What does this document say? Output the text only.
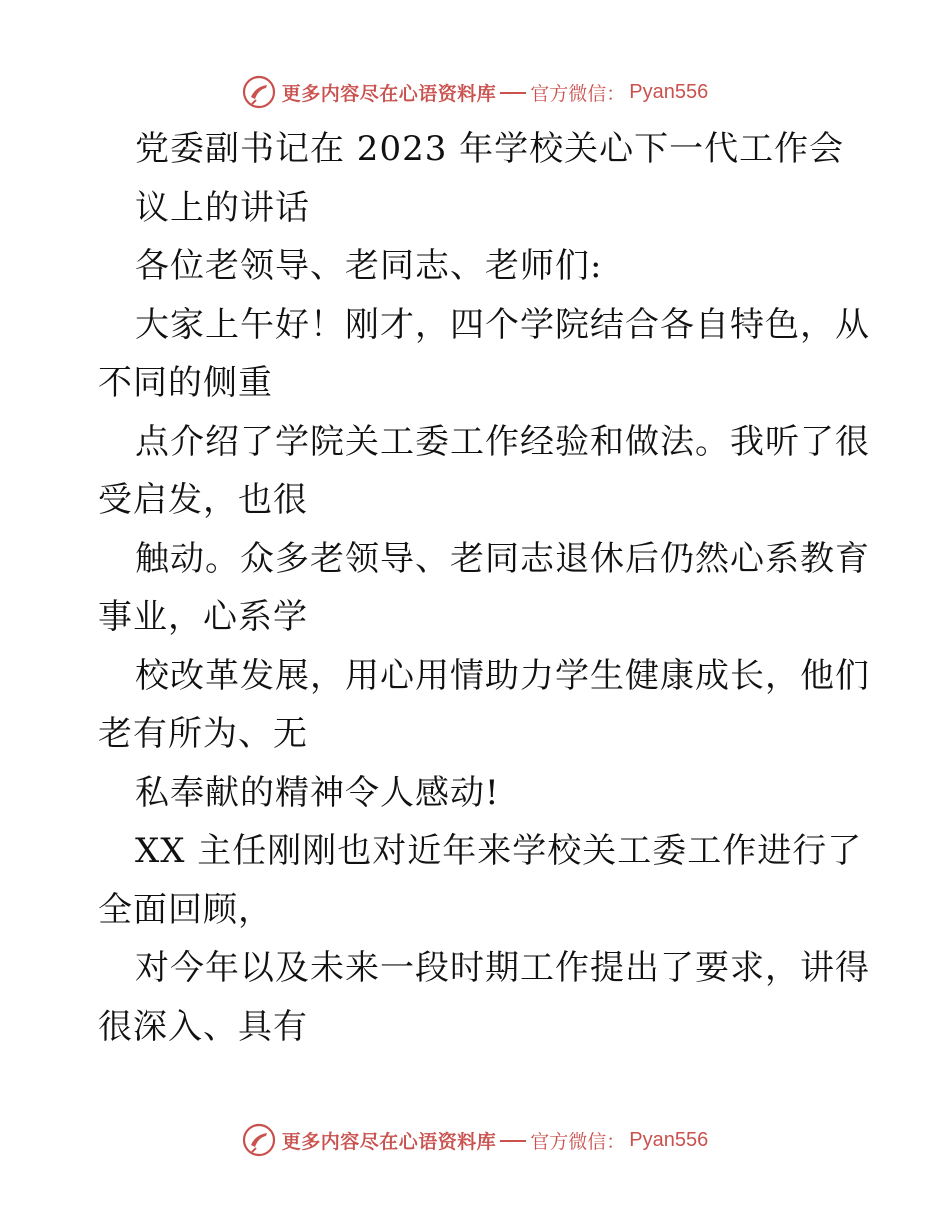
更多内容尽在心语资料库 官方微信： Pyan556
党委副书记在 2023 年学校关心下一代工作会
议上的讲话
各位老领导、老同志、老师们:
大家上午好！刚才，四个学院结合各自特色，从
不同的侧重
点介绍了学院关工委工作经验和做法。我听了很
受启发，也很
触动。众多老领导、老同志退休后仍然心系教育
事业，心系学
校改革发展，用心用情助力学生健康成长，他们
老有所为、无
私奉献的精神令人感动!
XX 主任刚刚也对近年来学校关工委工作进行了
全面回顾，
对今年以及未来一段时期工作提出了要求，讲得
很深入、具有
更多内容尽在心语资料库 官方微信： Pyan556
